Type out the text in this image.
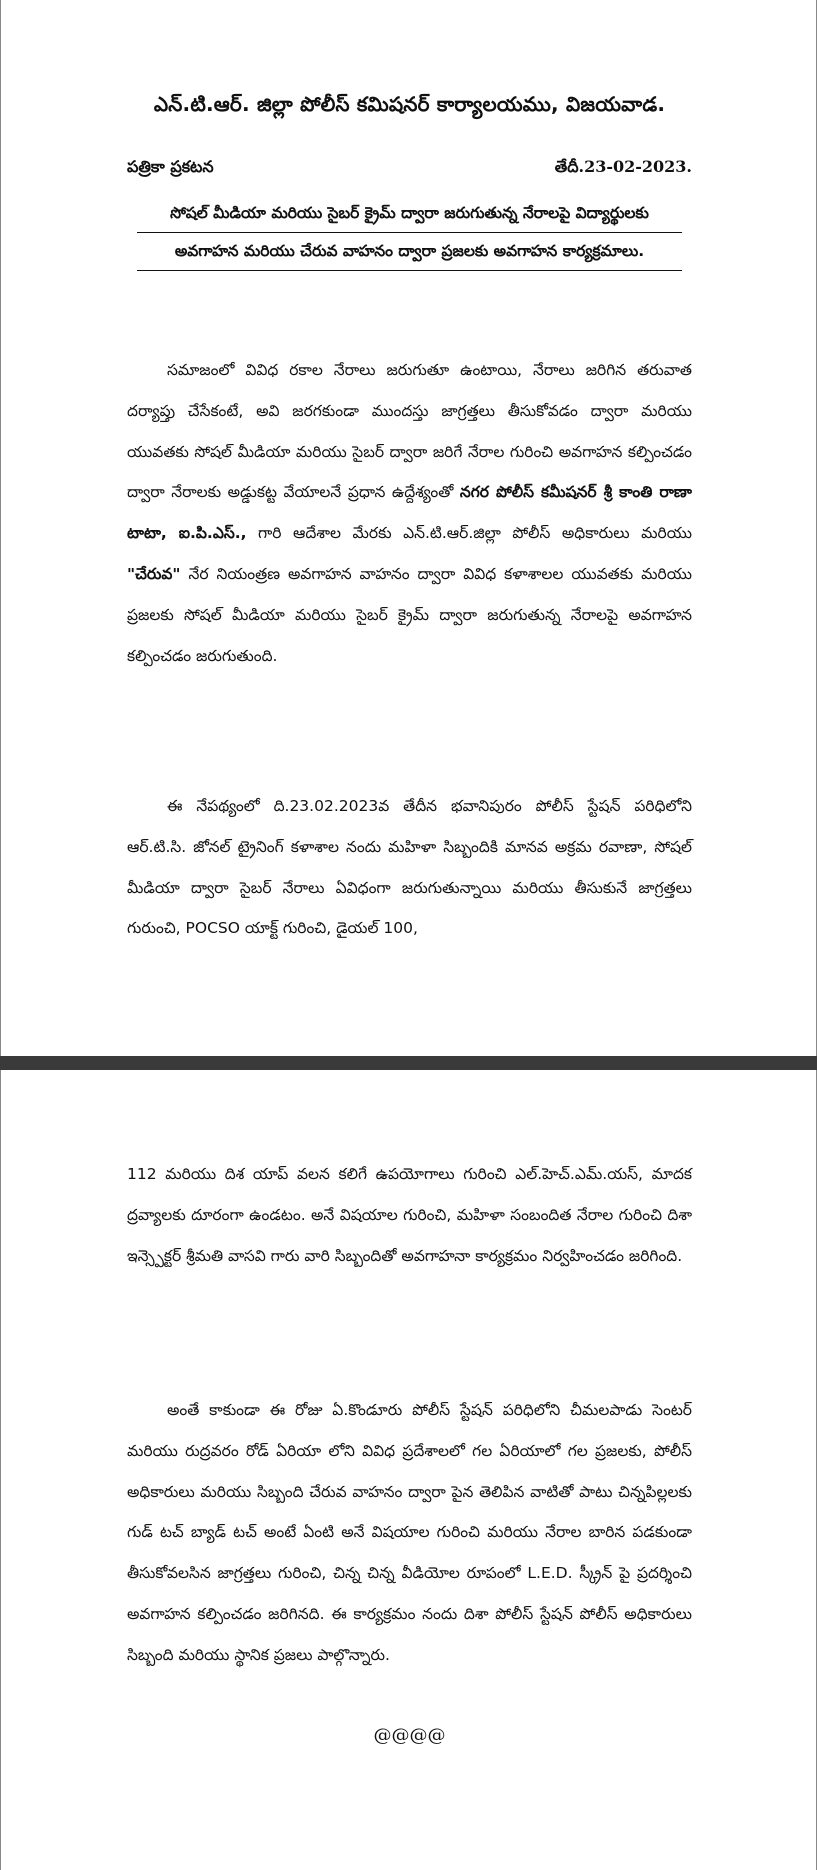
ఎన్.టి.ఆర్. జిల్లా పోలీస్ కమిషనర్ కార్యాలయము, విజయవాడ.
పత్రికా ప్రకటన	తేదీ.23-02-2023.
సోషల్ మీడియా మరియు సైబర్ క్రైమ్ ద్వారా జరుగుతున్న నేరాలపై విద్యార్థులకు
అవగాహన మరియు చేరువ వాహనం ద్వారా ప్రజలకు అవగాహన కార్యక్రమాలు.

సమాజంలో వివిధ రకాల నేరాలు జరుగుతూ ఉంటాయి, నేరాలు జరిగిన తరువాత దర్యాప్తు చేసేకంటే, అవి జరగకుండా ముందస్తు జాగ్రత్తలు తీసుకోవడం ద్వారా మరియు యువతకు సోషల్ మీడియా మరియు సైబర్ ద్వారా జరిగే నేరాల గురించి అవగాహన కల్పించడం ద్వారా నేరాలకు అడ్డుకట్ట వేయాలనే ప్రధాన ఉద్దేశ్యంతో నగర పోలీస్ కమీషనర్ శ్రీ కాంతి రాణా టాటా, ఐ.పి.ఎస్., గారి ఆదేశాల మేరకు ఎన్.టి.ఆర్.జిల్లా పోలీస్ అధికారులు మరియు "చేరువ" నేర నియంత్రణ అవగాహన వాహనం ద్వారా వివిధ కళాశాలల యువతకు మరియు ప్రజలకు సోషల్ మీడియా మరియు సైబర్ క్రైమ్ ద్వారా జరుగుతున్న నేరాలపై అవగాహన కల్పించడం జరుగుతుంది.

ఈ నేపథ్యంలో ది.23.02.2023వ తేదీన భవానిపురం పోలీస్ స్టేషన్ పరిధిలోని ఆర్.టి.సి. జోనల్ ట్రైనింగ్ కళాశాల నందు మహిళా సిబ్బందికి మానవ అక్రమ రవాణా, సోషల్ మీడియా ద్వారా సైబర్ నేరాలు ఏవిధంగా జరుగుతున్నాయి మరియు తీసుకునే జాగ్రత్తలు గురుంచి, POCSO యాక్ట్ గురించి, డైయల్ 100,

112 మరియు దిశ యాప్ వలన కలిగే ఉపయోగాలు గురించి ఎల్.హెచ్.ఎమ్.యస్, మాదక ద్రవ్యాలకు దూరంగా ఉండటం. అనే విషయాల గురించి, మహిళా సంబందిత నేరాల గురించి దిశా ఇన్స్పెక్టర్ శ్రీమతి వాసవి గారు వారి సిబ్బందితో అవగాహనా కార్యక్రమం నిర్వహించడం జరిగింది.

అంతే కాకుండా ఈ రోజు ఏ.కొండూరు పోలీస్ స్టేషన్ పరిధిలోని చీమలపాడు సెంటర్ మరియు రుద్రవరం రోడ్ ఏరియా లోని వివిధ ప్రదేశాలలో గల ఏరియాలో గల ప్రజలకు, పోలీస్ అధికారులు మరియు సిబ్బంది చేరువ వాహనం ద్వారా పైన తెలిపిన వాటితో పాటు చిన్నపిల్లలకు గుడ్ టచ్ బ్యాడ్ టచ్ అంటే ఏంటి అనే విషయాల గురించి మరియు నేరాల బారిన పడకుండా తీసుకోవలసిన జాగ్రత్తలు గురించి, చిన్న చిన్న వీడియోల రూపంలో L.E.D. స్క్రీన్ పై ప్రదర్శించి అవగాహన కల్పించడం జరిగినది. ఈ కార్యక్రమం నందు దిశా పోలీస్ స్టేషన్ పోలీస్ అధికారులు సిబ్బంది మరియు స్థానిక ప్రజలు పాల్గొన్నారు.

@@@@
